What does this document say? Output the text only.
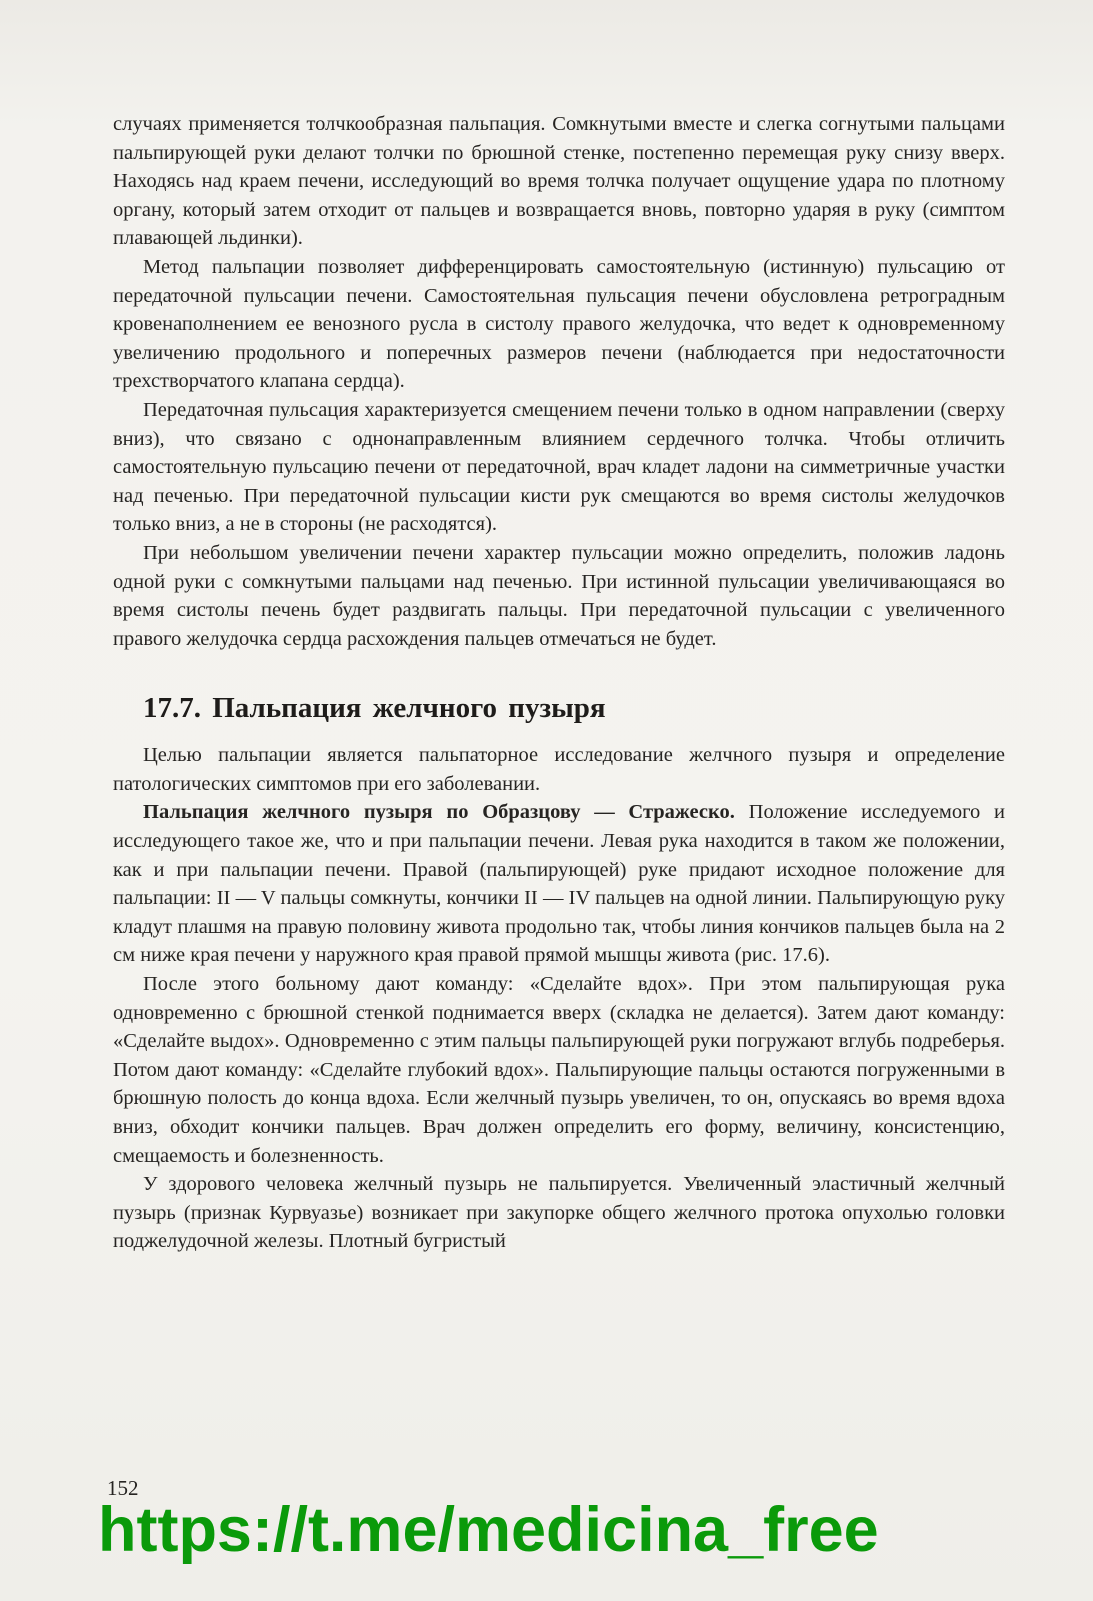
случаях применяется толчкообразная пальпация. Сомкнутыми вместе и слегка согнутыми пальцами пальпирующей руки делают толчки по брюшной стенке, постепенно перемещая руку снизу вверх. Находясь над краем печени, исследующий во время толчка получает ощущение удара по плотному органу, который затем отходит от пальцев и возвращается вновь, повторно ударяя в руку (симптом плавающей льдинки).

Метод пальпации позволяет дифференцировать самостоятельную (истинную) пульсацию от передаточной пульсации печени. Самостоятельная пульсация печени обусловлена ретроградным кровенаполнением ее венозного русла в систолу правого желудочка, что ведет к одновременному увеличению продольного и поперечных размеров печени (наблюдается при недостаточности трехстворчатого клапана сердца).

Передаточная пульсация характеризуется смещением печени только в одном направлении (сверху вниз), что связано с однонаправленным влиянием сердечного толчка. Чтобы отличить самостоятельную пульсацию печени от передаточной, врач кладет ладони на симметричные участки над печенью. При передаточной пульсации кисти рук смещаются во время систолы желудочков только вниз, а не в стороны (не расходятся).

При небольшом увеличении печени характер пульсации можно определить, положив ладонь одной руки с сомкнутыми пальцами над печенью. При истинной пульсации увеличивающаяся во время систолы печень будет раздвигать пальцы. При передаточной пульсации с увеличенного правого желудочка сердца расхождения пальцев отмечаться не будет.

17.7. Пальпация желчного пузыря

Целью пальпации является пальпаторное исследование желчного пузыря и определение патологических симптомов при его заболевании.

Пальпация желчного пузыря по Образцову — Стражеско. Положение исследуемого и исследующего такое же, что и при пальпации печени. Левая рука находится в таком же положении, как и при пальпации печени. Правой (пальпирующей) руке придают исходное положение для пальпации: II — V пальцы сомкнуты, кончики II — IV пальцев на одной линии. Пальпирующую руку кладут плашмя на правую половину живота продольно так, чтобы линия кончиков пальцев была на 2 см ниже края печени у наружного края правой прямой мышцы живота (рис. 17.6).

После этого больному дают команду: «Сделайте вдох». При этом пальпирующая рука одновременно с брюшной стенкой поднимается вверх (складка не делается). Затем дают команду: «Сделайте выдох». Одновременно с этим пальцы пальпирующей руки погружают вглубь подреберья. Потом дают команду: «Сделайте глубокий вдох». Пальпирующие пальцы остаются погруженными в брюшную полость до конца вдоха. Если желчный пузырь увеличен, то он, опускаясь во время вдоха вниз, обходит кончики пальцев. Врач должен определить его форму, величину, консистенцию, смещаемость и болезненность.

У здорового человека желчный пузырь не пальпируется. Увеличенный эластичный желчный пузырь (признак Курвуазье) возникает при закупорке общего желчного протока опухолью головки поджелудочной железы. Плотный бугристый

152
https://t.me/medicina_free
